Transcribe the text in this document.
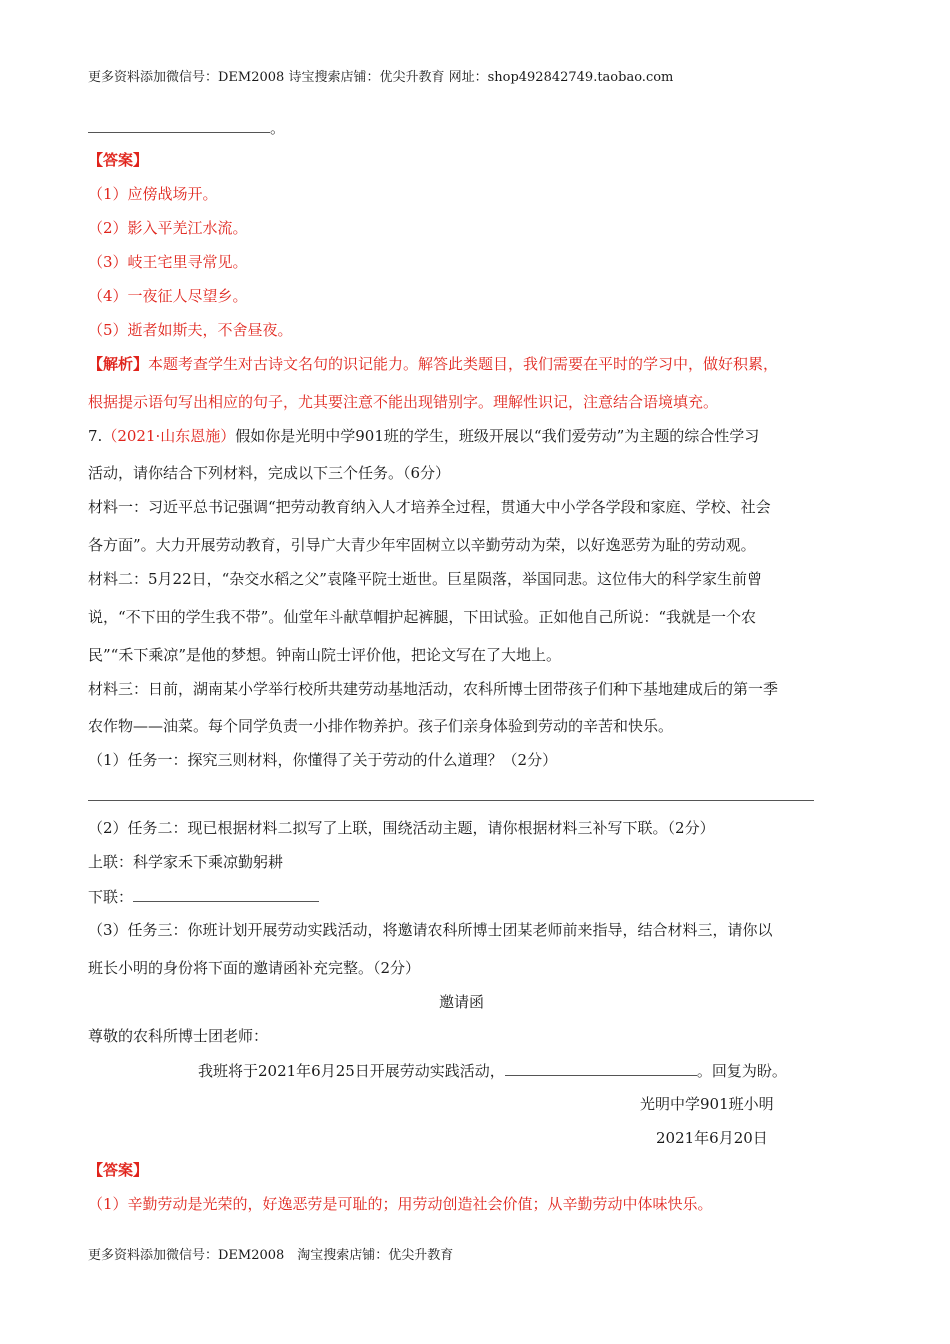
更多资料添加微信号：DEM2008 诗宝搜索店铺：优尖升教育 网址：shop492842749.taobao.com
。
【答案】
（1）应傍战场开。
（2）影入平羌江水流。
（3）岐王宅里寻常见。
（4）一夜征人尽望乡。
（5）逝者如斯夫，不舍昼夜。
【解析】本题考查学生对古诗文名句的识记能力。解答此类题目，我们需要在平时的学习中，做好积累，
根据提示语句写出相应的句子，尤其要注意不能出现错别字。理解性识记，注意结合语境填充。
7.（2021·山东恩施）假如你是光明中学901班的学生，班级开展以“我们爱劳动”为主题的综合性学习
活动，请你结合下列材料，完成以下三个任务。（6分）
材料一：习近平总书记强调“把劳动教育纳入人才培养全过程，贯通大中小学各学段和家庭、学校、社会
各方面”。大力开展劳动教育，引导广大青少年牢固树立以辛勤劳动为荣，以好逸恶劳为耻的劳动观。
材料二：5月22日，“杂交水稻之父”袁隆平院士逝世。巨星陨落，举国同悲。这位伟大的科学家生前曾
说，“不下田的学生我不带”。仙堂年斗献草帽护起裤腿，下田试验。正如他自己所说：“我就是一个农
民”“禾下乘凉”是他的梦想。钟南山院士评价他，把论文写在了大地上。
材料三：日前，湖南某小学举行校所共建劳动基地活动，农科所博士团带孩子们种下基地建成后的第一季
农作物——油菜。每个同学负责一小排作物养护。孩子们亲身体验到劳动的辛苦和快乐。
（1）任务一：探究三则材料，你懂得了关于劳动的什么道理？（2分）
（2）任务二：现已根据材料二拟写了上联，围绕活动主题，请你根据材料三补写下联。（2分）
上联：科学家禾下乘凉勤躬耕
下联：
（3）任务三：你班计划开展劳动实践活动，将邀请农科所博士团某老师前来指导，结合材料三，请你以
班长小明的身份将下面的邀请函补充完整。（2分）
邀请函
尊敬的农科所博士团老师：
我班将于2021年6月25日开展劳动实践活动，	。回复为盼。
光明中学901班小明
2021年6月20日
【答案】
（1）辛勤劳动是光荣的，好逸恶劳是可耻的；用劳动创造社会价值；从辛勤劳动中体味快乐。
更多资料添加微信号：DEM2008　淘宝搜索店铺：优尖升教育
